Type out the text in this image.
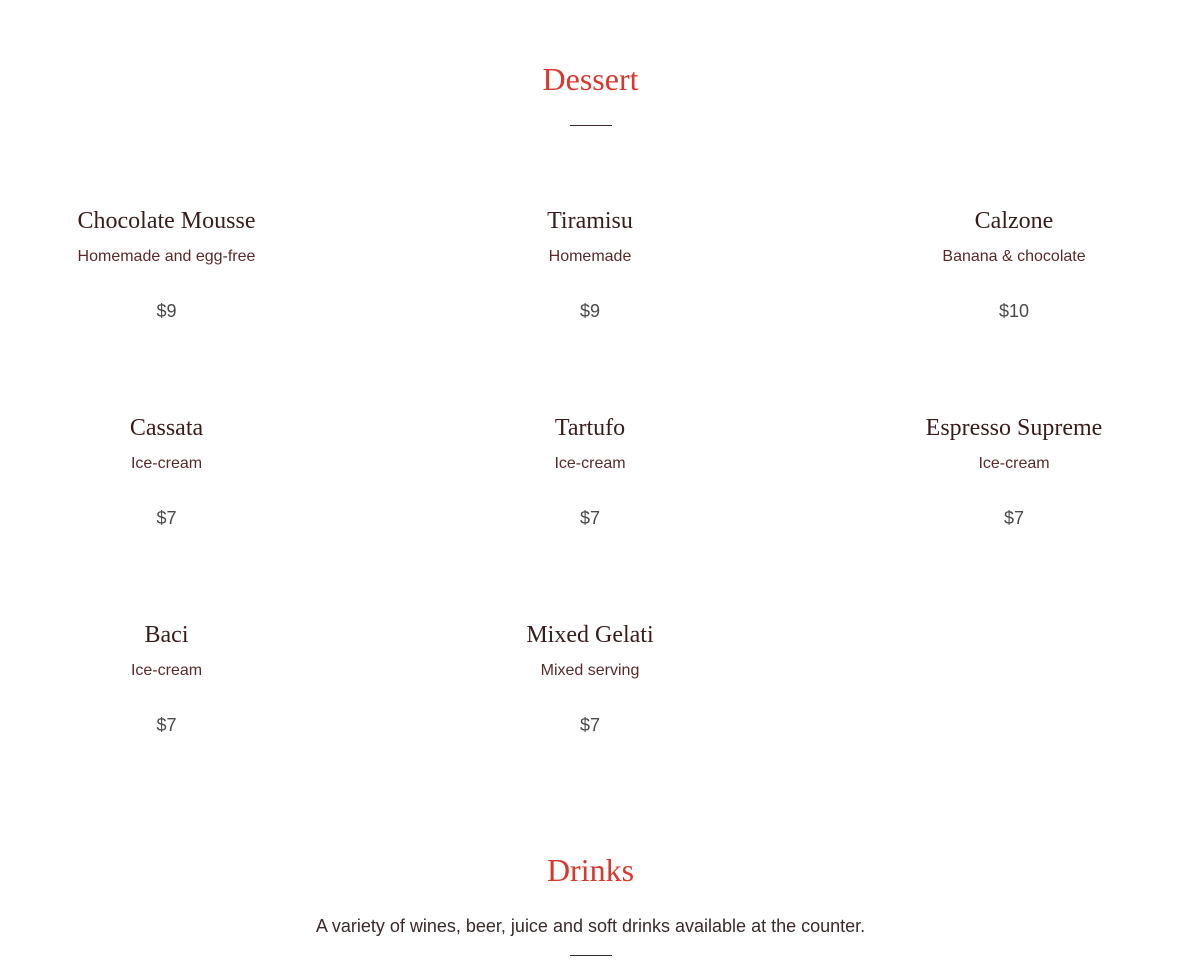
Dessert
Chocolate Mousse
Homemade and egg-free
$9
Tiramisu
Homemade
$9
Calzone
Banana & chocolate
$10
Cassata
Ice-cream
$7
Tartufo
Ice-cream
$7
Espresso Supreme
Ice-cream
$7
Baci
Ice-cream
$7
Mixed Gelati
Mixed serving
$7
Drinks

A variety of wines, beer, juice and soft drinks available at the counter.
